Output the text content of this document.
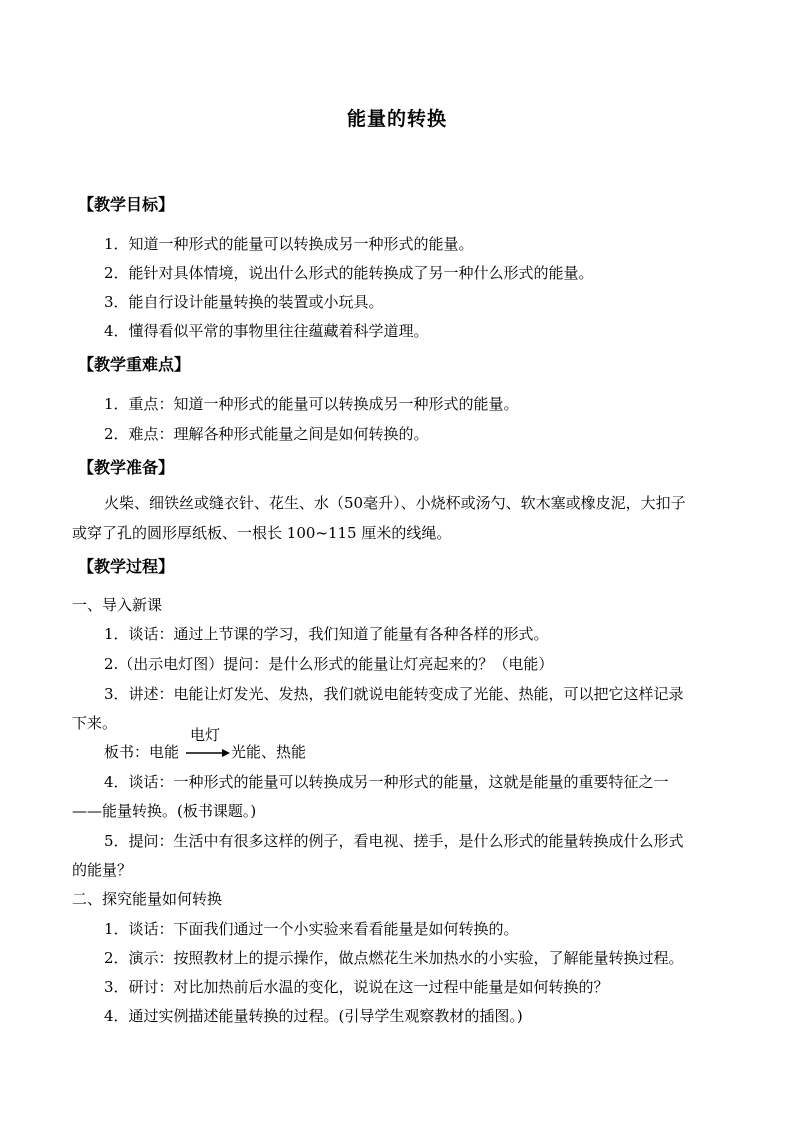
能量的转换
【教学目标】
1．知道一种形式的能量可以转换成另一种形式的能量。
2．能针对具体情境，说出什么形式的能转换成了另一种什么形式的能量。
3．能自行设计能量转换的装置或小玩具。
4．懂得看似平常的事物里往往蕴藏着科学道理。
【教学重难点】
1．重点：知道一种形式的能量可以转换成另一种形式的能量。
2．难点：理解各种形式能量之间是如何转换的。
【教学准备】
火柴、细铁丝或缝衣针、花生、水（50毫升）、小烧杯或汤勺、软木塞或橡皮泥，大扣子
或穿了孔的圆形厚纸板、一根长 100~115 厘米的线绳。
【教学过程】
一、导入新课
1．谈话：通过上节课的学习，我们知道了能量有各种各样的形式。
2.（出示电灯图）提问：是什么形式的能量让灯亮起来的？（电能）
3．讲述：电能让灯发光、发热，我们就说电能转变成了光能、热能，可以把它这样记录
下来。
板书：电能
电灯
光能、热能
4．谈话：一种形式的能量可以转换成另一种形式的能量，这就是能量的重要特征之一
——能量转换。(板书课题。)
5．提问：生活中有很多这样的例子，看电视、搓手，是什么形式的能量转换成什么形式
的能量？
二、探究能量如何转换
1．谈话：下面我们通过一个小实验来看看能量是如何转换的。
2．演示：按照教材上的提示操作，做点燃花生米加热水的小实验，了解能量转换过程。
3．研讨：对比加热前后水温的变化，说说在这一过程中能量是如何转换的？
4．通过实例描述能量转换的过程。(引导学生观察教材的插图。)
